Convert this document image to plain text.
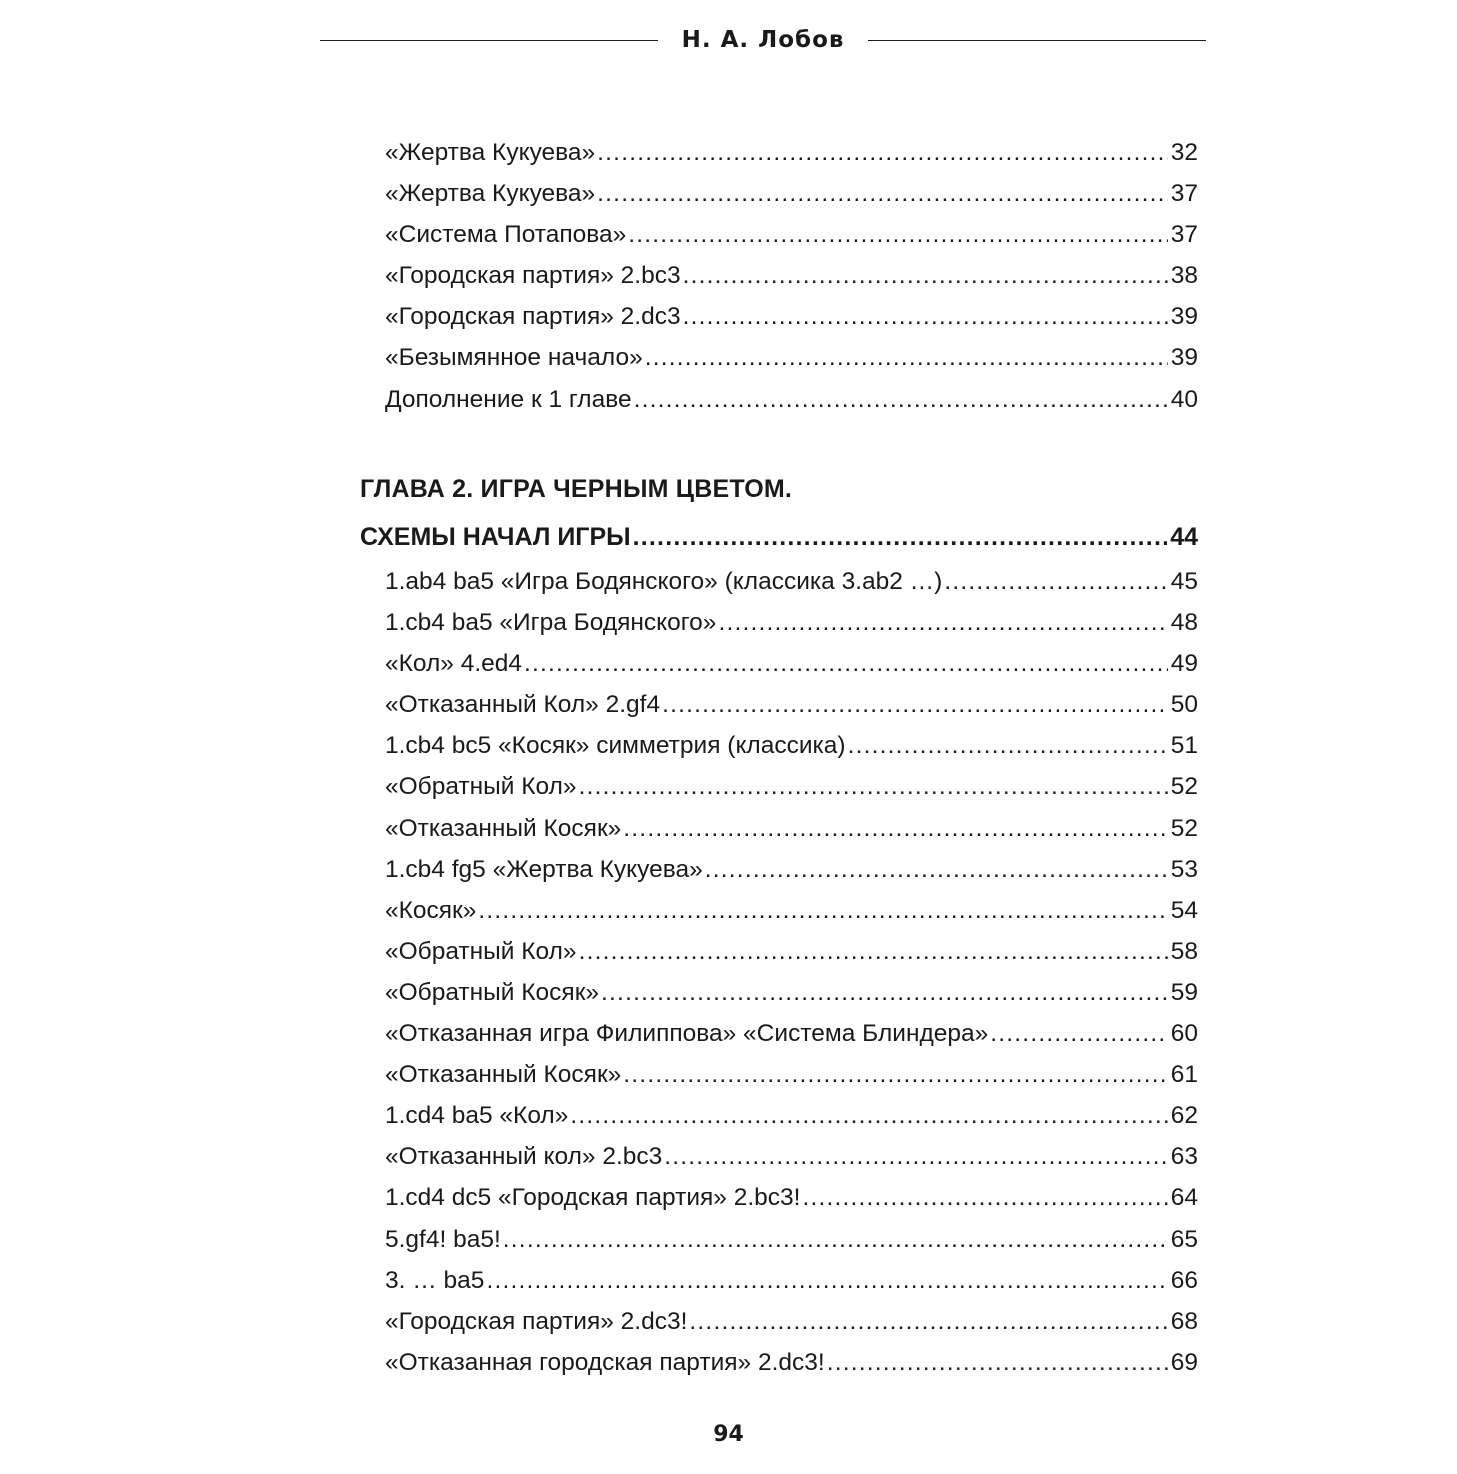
Н. А. Лобов
«Жертва Кукуева» .....	32
«Жертва Кукуева» .....	37
«Система Потапова» .....	37
«Городская партия» 2.bc3 .....	38
«Городская партия» 2.dc3 .....	39
«Безымянное начало» .....	39
Дополнение к 1 главе .....	40
ГЛАВА 2. ИГРА ЧЕРНЫМ ЦВЕТОМ.
СХЕМЫ НАЧАЛ ИГРЫ .....	44
1.ab4 ba5 «Игра Бодянского» (классика 3.ab2 …) .....	45
1.cb4 ba5 «Игра Бодянского» .....	48
«Кол» 4.ed4 .....	49
«Отказанный Кол» 2.gf4 .....	50
1.cb4 bc5 «Косяк» симметрия (классика) .....	51
«Обратный Кол» .....	52
«Отказанный Косяк» .....	52
1.cb4 fg5 «Жертва Кукуева» .....	53
«Косяк» .....	54
«Обратный Кол» .....	58
«Обратный Косяк» .....	59
«Отказанная игра Филиппова» «Система Блиндера» .....	60
«Отказанный Косяк» .....	61
1.cd4 ba5 «Кол» .....	62
«Отказанный кол» 2.bc3 .....	63
1.cd4 dc5 «Городская партия» 2.bc3! .....	64
5.gf4! ba5! .....	65
3. … ba5 .....	66
«Городская партия» 2.dc3! .....	68
«Отказанная городская партия» 2.dc3! .....	69
94
